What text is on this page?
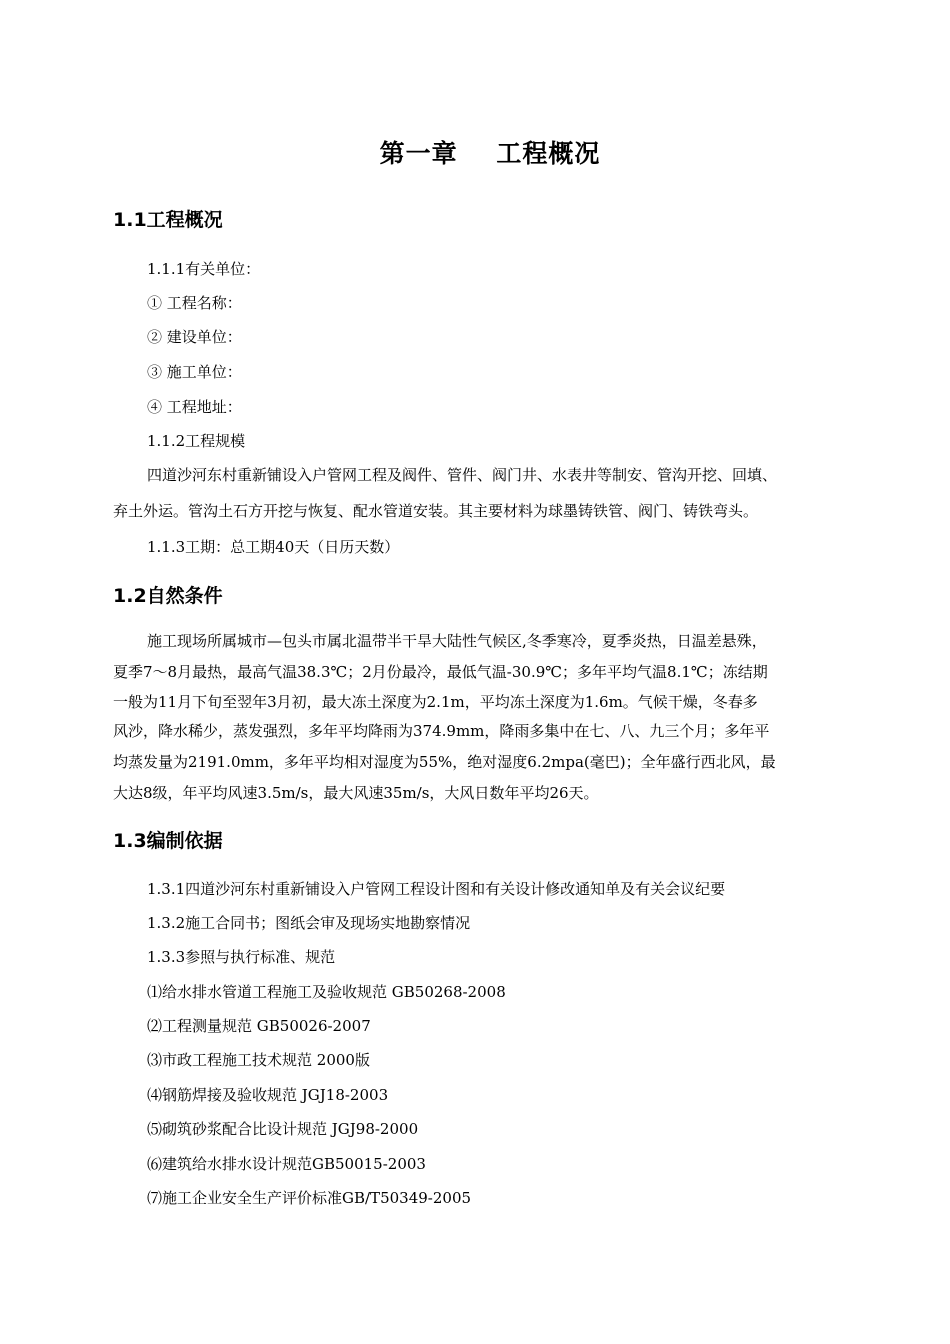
第一章    工程概况
1.1工程概况
1.1.1有关单位：
① 工程名称：
② 建设单位：
③ 施工单位：
④ 工程地址：
1.1.2工程规模
四道沙河东村重新铺设入户管网工程及阀件、管件、阀门井、水表井等制安、管沟开挖、回填、
弃土外运。管沟土石方开挖与恢复、配水管道安装。其主要材料为球墨铸铁管、阀门、铸铁弯头。
1.1.3工期：总工期40天（日历天数）
1.2自然条件
施工现场所属城市—包头市属北温带半干旱大陆性气候区,冬季寒冷，夏季炎热，日温差悬殊，
夏季7～8月最热，最高气温38.3℃；2月份最冷，最低气温-30.9℃；多年平均气温8.1℃；冻结期
一般为11月下旬至翌年3月初，最大冻土深度为2.1m，平均冻土深度为1.6m。气候干燥，冬春多
风沙，降水稀少，蒸发强烈，多年平均降雨为374.9mm，降雨多集中在七、八、九三个月；多年平
均蒸发量为2191.0mm，多年平均相对湿度为55%，绝对湿度6.2mpa(毫巴)；全年盛行西北风，最
大达8级，年平均风速3.5m/s，最大风速35m/s，大风日数年平均26天。
1.3编制依据
1.3.1四道沙河东村重新铺设入户管网工程设计图和有关设计修改通知单及有关会议纪要
1.3.2施工合同书；图纸会审及现场实地勘察情况
1.3.3参照与执行标准、规范
⑴给水排水管道工程施工及验收规范 GB50268-2008
⑵工程测量规范 GB50026-2007
⑶市政工程施工技术规范 2000版
⑷钢筋焊接及验收规范 JGJ18-2003
⑸砌筑砂浆配合比设计规范 JGJ98-2000
⑹建筑给水排水设计规范GB50015-2003
⑺施工企业安全生产评价标准GB/T50349-2005
